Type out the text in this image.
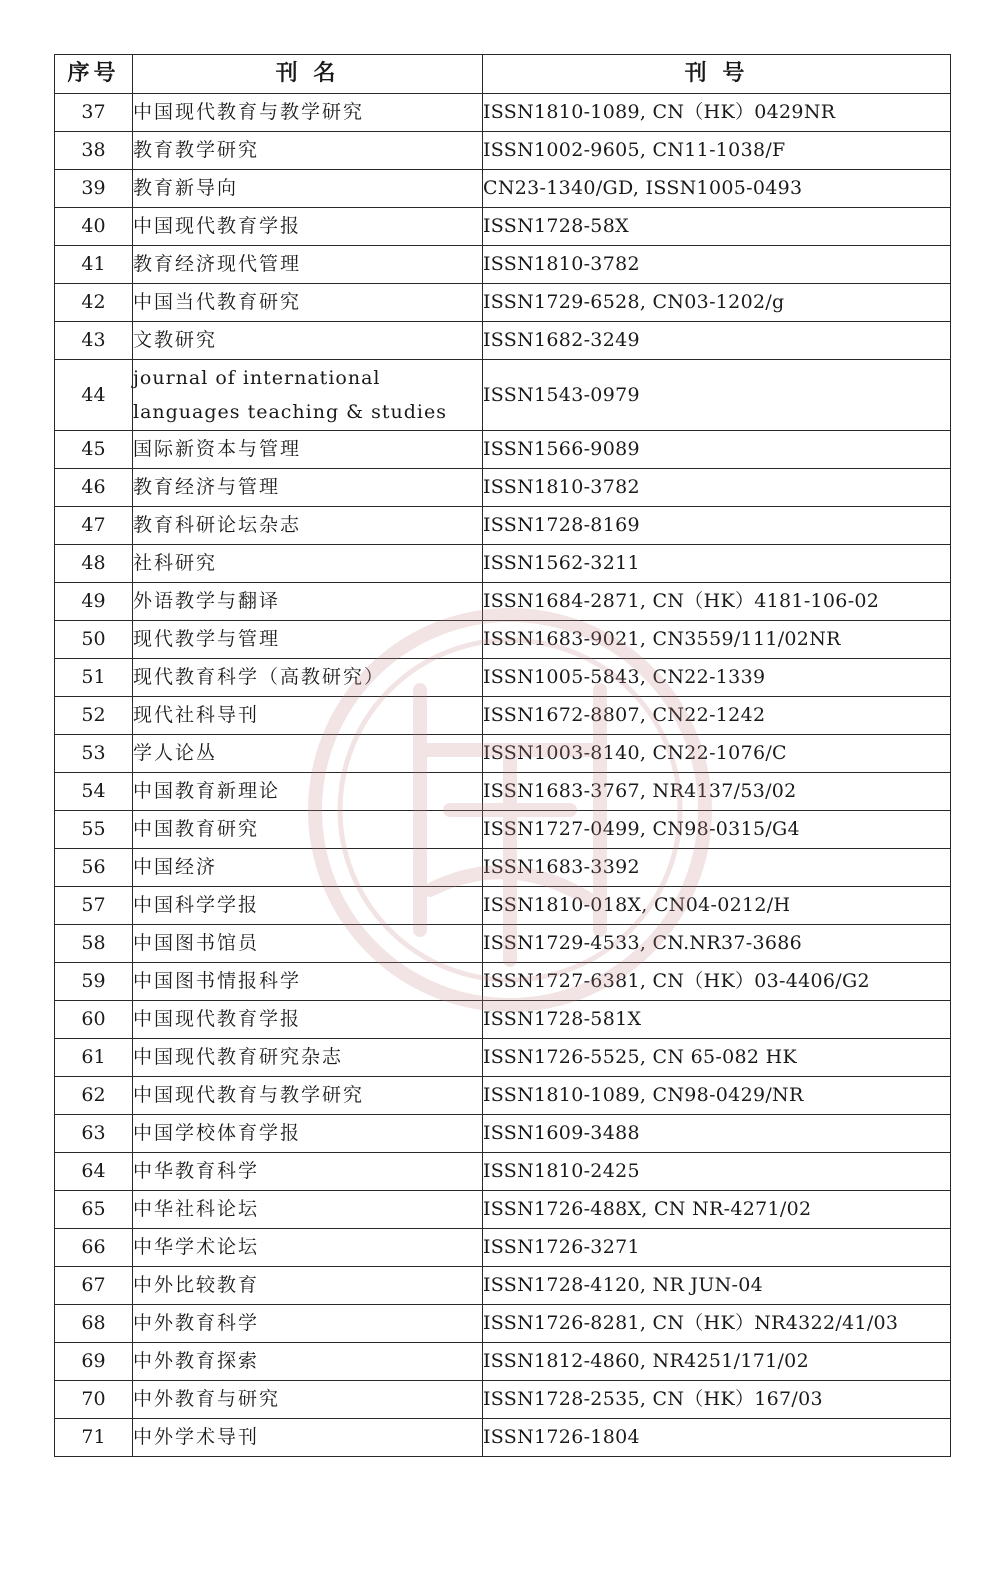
序号	刊 名	刊 号
37	中国现代教育与教学研究	ISSN1810-1089, CN（HK）0429NR
38	教育教学研究	ISSN1002-9605, CN11-1038/F
39	教育新导向	CN23-1340/GD, ISSN1005-0493
40	中国现代教育学报	ISSN1728-58X
41	教育经济现代管理	ISSN1810-3782
42	中国当代教育研究	ISSN1729-6528, CN03-1202/g
43	文教研究	ISSN1682-3249
44	journal of international languages teaching & studies	ISSN1543-0979
45	国际新资本与管理	ISSN1566-9089
46	教育经济与管理	ISSN1810-3782
47	教育科研论坛杂志	ISSN1728-8169
48	社科研究	ISSN1562-3211
49	外语教学与翻译	ISSN1684-2871, CN（HK）4181-106-02
50	现代教学与管理	ISSN1683-9021, CN3559/111/02NR
51	现代教育科学（高教研究）	ISSN1005-5843, CN22-1339
52	现代社科导刊	ISSN1672-8807, CN22-1242
53	学人论丛	ISSN1003-8140, CN22-1076/C
54	中国教育新理论	ISSN1683-3767, NR4137/53/02
55	中国教育研究	ISSN1727-0499, CN98-0315/G4
56	中国经济	ISSN1683-3392
57	中国科学学报	ISSN1810-018X, CN04-0212/H
58	中国图书馆员	ISSN1729-4533, CN.NR37-3686
59	中国图书情报科学	ISSN1727-6381, CN（HK）03-4406/G2
60	中国现代教育学报	ISSN1728-581X
61	中国现代教育研究杂志	ISSN1726-5525, CN 65-082 HK
62	中国现代教育与教学研究	ISSN1810-1089, CN98-0429/NR
63	中国学校体育学报	ISSN1609-3488
64	中华教育科学	ISSN1810-2425
65	中华社科论坛	ISSN1726-488X, CN NR-4271/02
66	中华学术论坛	ISSN1726-3271
67	中外比较教育	ISSN1728-4120, NR JUN-04
68	中外教育科学	ISSN1726-8281, CN（HK）NR4322/41/03
69	中外教育探索	ISSN1812-4860, NR4251/171/02
70	中外教育与研究	ISSN1728-2535, CN（HK）167/03
71	中外学术导刊	ISSN1726-1804
